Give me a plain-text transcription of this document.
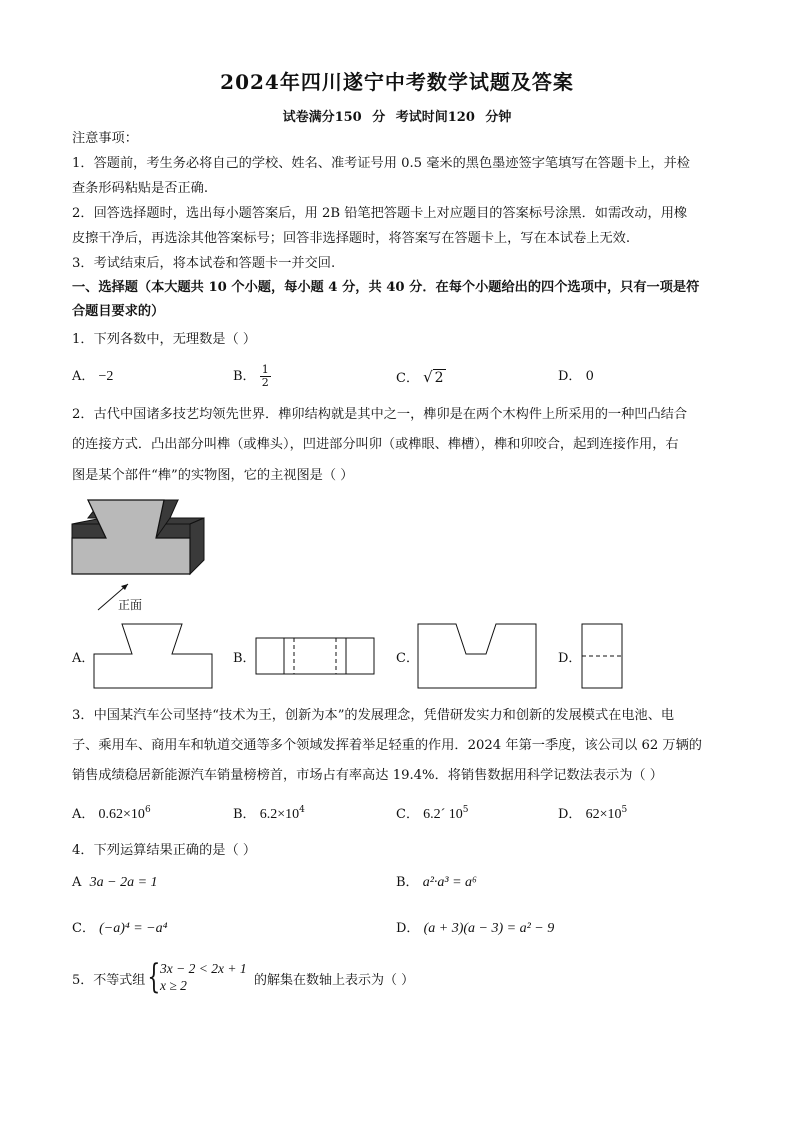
2024年四川遂宁中考数学试题及答案
试卷满分150 分 考试时间120 分钟
注意事项：
1．答题前，考生务必将自己的学校、姓名、准考证号用 0.5 毫米的黑色墨迹签字笔填写在答题卡上，并检
查条形码粘贴是否正确.
2．回答选择题时，选出每小题答案后，用 2B 铅笔把答题卡上对应题目的答案标号涂黑．如需改动，用橡
皮擦干净后，再选涂其他答案标号；回答非选择题时，将答案写在答题卡上，写在本试卷上无效.
3．考试结束后，将本试卷和答题卡一并交回.
一、选择题（本大题共 10 个小题，每小题 4 分，共 40 分．在每个小题给出的四个选项中，只有一项是符
合题目要求的）
1．下列各数中，无理数是（ ）
A． −2	B． $\frac{1}{2}$	C． √ 2	D． 0
2．古代中国诸多技艺均领先世界．榫卯结构就是其中之一，榫卯是在两个木构件上所采用的一种凹凸结合
的连接方式．凸出部分叫榫（或榫头），凹进部分叫卯（或榫眼、榫槽），榫和卯咬合，起到连接作用，右
图是某个部件“榫”的实物图，它的主视图是（ ）
正面
A．	B．	C．	D．
3．中国某汽车公司坚持“技术为王，创新为本”的发展理念，凭借研发实力和创新的发展模式在电池、电
子、乘用车、商用车和轨道交通等多个领域发挥着举足轻重的作用．2024 年第一季度，该公司以 62 万辆的
销售成绩稳居新能源汽车销量榜榜首，市场占有率高达 19.4%．将销售数据用科学记数法表示为（ ）
A． $0.62\times 10^6$	B． $6.2\times 10^4$	C． 6.2´ $10^5$	D． $62\times 10^5$
4．下列运算结果正确的是（ ）
A 3a − 2a = 1	B． a²·a³ = a⁶
C． (−a)⁴ = −a⁴	D． (a + 3)(a − 3) = a² − 9
5．不等式组 { 3x − 2 < 2x + 1
x ≥ 2	的解集在数轴上表示为（ ）
